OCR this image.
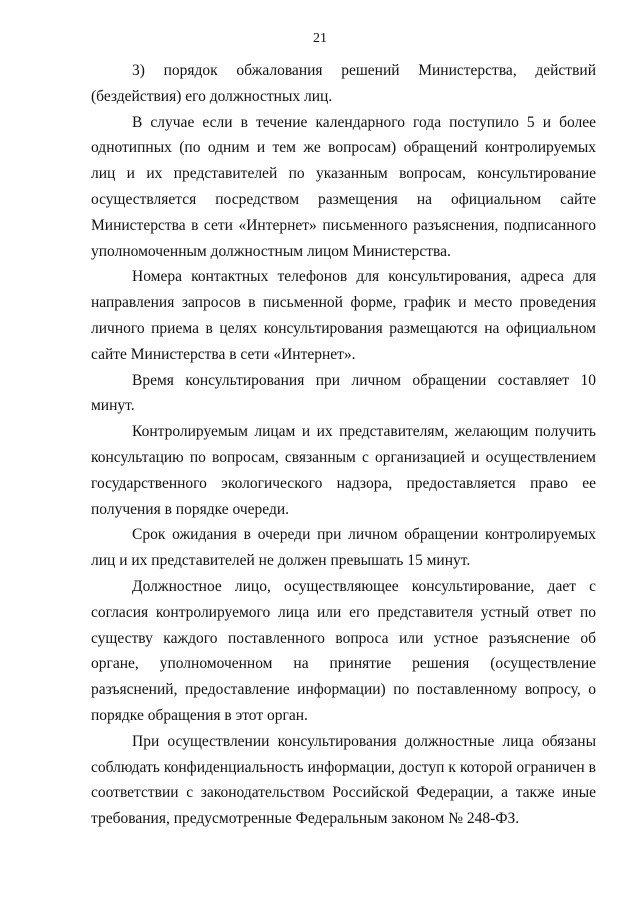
21

3) порядок обжалования решений Министерства, действий (бездействия) его должностных лиц.

В случае если в течение календарного года поступило 5 и более однотипных (по одним и тем же вопросам) обращений контролируемых лиц и их представителей по указанным вопросам, консультирование осуществляется посредством размещения на официальном сайте Министерства в сети «Интернет» письменного разъяснения, подписанного уполномоченным должностным лицом Министерства.

Номера контактных телефонов для консультирования, адреса для направления запросов в письменной форме, график и место проведения личного приема в целях консультирования размещаются на официальном сайте Министерства в сети «Интернет».

Время консультирования при личном обращении составляет 10 минут.

Контролируемым лицам и их представителям, желающим получить консультацию по вопросам, связанным с организацией и осуществлением государственного экологического надзора, предоставляется право ее получения в порядке очереди.

Срок ожидания в очереди при личном обращении контролируемых лиц и их представителей не должен превышать 15 минут.

Должностное лицо, осуществляющее консультирование, дает с согласия контролируемого лица или его представителя устный ответ по существу каждого поставленного вопроса или устное разъяснение об органе, уполномоченном на принятие решения (осуществление разъяснений, предоставление информации) по поставленному вопросу, о порядке обращения в этот орган.

При осуществлении консультирования должностные лица обязаны соблюдать конфиденциальность информации, доступ к которой ограничен в соответствии с законодательством Российской Федерации, а также иные требования, предусмотренные Федеральным законом № 248-ФЗ.
